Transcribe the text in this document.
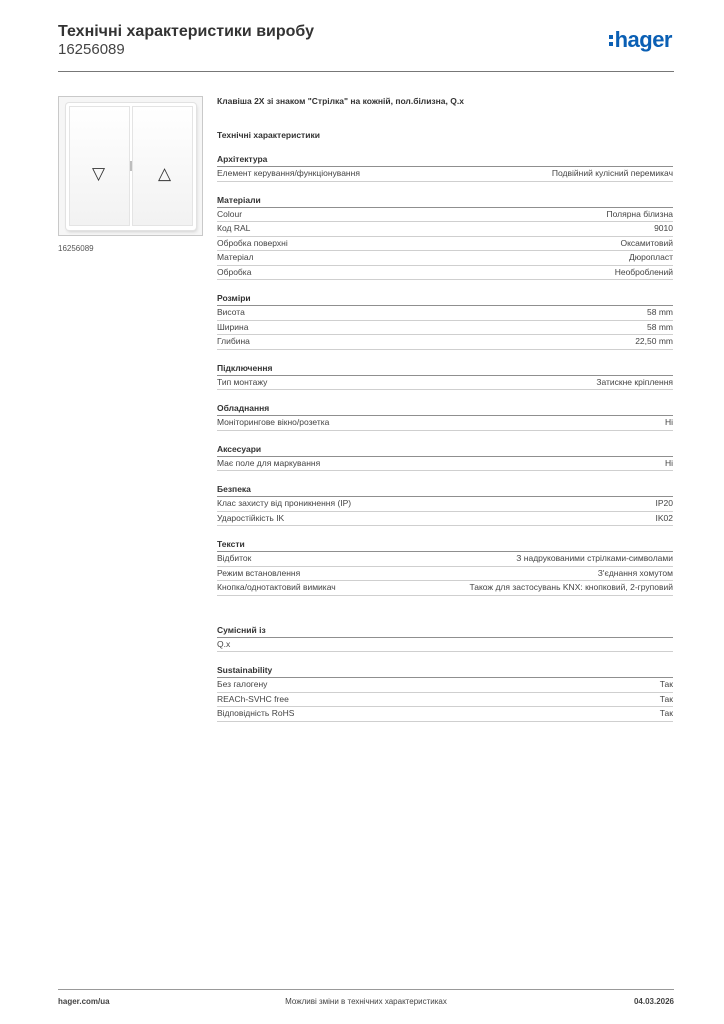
Технічні характеристики виробу
16256089	hager
▽	△
16256089
Клавіша 2X зі знаком "Стрілка" на кожній, пол.білизна, Q.x
Технічні характеристики
Архітектура
Елемент керування/функціонування	Подвійний кулісний перемикач
Матеріали
Colour	Полярна білизна
Код RAL	9010
Обробка поверхні	Оксамитовий
Матеріал	Дюропласт
Обробка	Необроблений
Розміри
Висота	58 mm
Ширина	58 mm
Глибина	22,50 mm
Підключення
Тип монтажу	Затискне кріплення
Обладнання
Моніторингове вікно/розетка	Ні
Аксесуари
Має поле для маркування	Ні
Безпека
Клас захисту від проникнення (IP)	IP20
Ударостійкість IK	IK02
Тексти
Відбиток	З надрукованими стрілками-символами
Режим встановлення	З'єднання хомутом
Кнопка/однотактовий вимикач	Також для застосувань KNX: кнопковий, 2-груповий
Сумісний із
Q.x
Sustainability
Без галогену	Так
REACh-SVHC free	Так
Відповідність RoHS	Так
hager.com/ua	Можливі зміни в технічних характеристиках	04.03.2026
